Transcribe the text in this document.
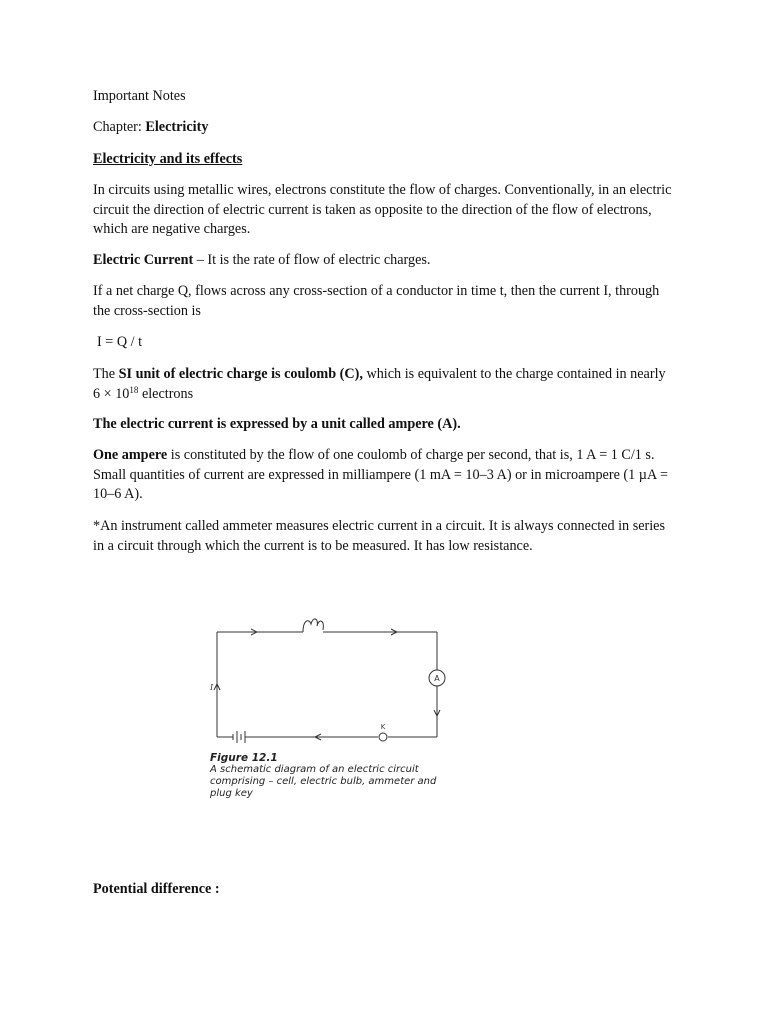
Important Notes

Chapter: Electricity

Electricity and its effects

In circuits using metallic wires, electrons constitute the flow of charges. Conventionally, in an electric circuit the direction of electric current is taken as opposite to the direction of the flow of electrons, which are negative charges.

Electric Current – It is the rate of flow of electric charges.

If a net charge Q, flows across any cross-section of a conductor in time t, then the current I, through the cross-section is

I = Q / t

The SI unit of electric charge is coulomb (C), which is equivalent to the charge contained in nearly $6 \times 10^{18}$ electrons

The electric current is expressed by a unit called ampere (A).

One ampere is constituted by the flow of one coulomb of charge per second, that is, 1 A = 1 C/1 s. Small quantities of current are expressed in milliampere (1 mA = 10–3 A) or in microampere (1 µA = 10–6 A).

*An instrument called ammeter measures electric current in a circuit. It is always connected in series in a circuit through which the current is to be measured. It has low resistance.

A
K
I
Figure 12.1
A schematic diagram of an electric circuit comprising – cell, electric bulb, ammeter and plug key

Potential difference :
